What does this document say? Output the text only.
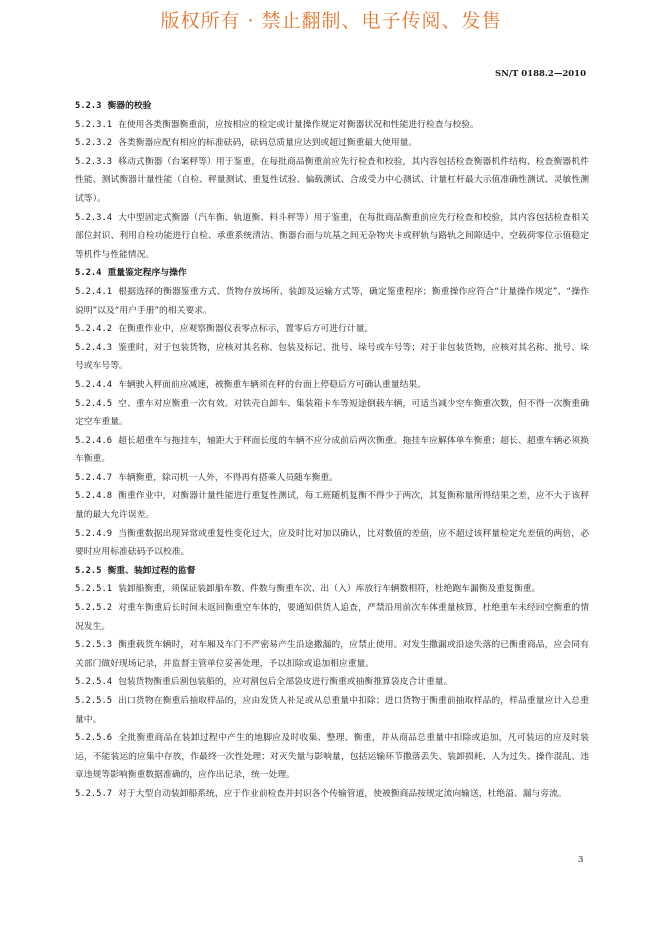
版权所有 · 禁止翻制、电子传阅、发售
SN/T 0188.2—2010
5.2.3 衡器的校验
5.2.3.1 在使用各类衡器衡重前，应按相应的检定或计量操作规定对衡器状况和性能进行检查与校验。
5.2.3.2 各类衡器应配有相应的标准砝码，砝码总质量应达到或超过衡重最大使用量。
5.2.3.3 移动式衡器（台案秤等）用于鉴重，在每批商品衡重前应先行检查和校验，其内容包括检查衡器机件结构、检查衡器机件性能、测试衡器计量性能（自检、秤量测试、重复性试验、偏载测试、合成受力中心测试、计量杠杆最大示值准确性测试、灵敏性测试等）。
5.2.3.4 大中型固定式衡器（汽车衡、轨道衡、料斗秤等）用于鉴重，在每批商品衡重前应先行检查和校验，其内容包括检查相关部位封识、利用自检功能进行自检、承重系统清洁、衡器台面与坑基之间无杂物夹卡或秤轨与路轨之间隙适中、空载荷零位示值稳定等机件与性能情况。
5.2.4 重量鉴定程序与操作
5.2.4.1 根据选择的衡器鉴重方式、货物存放场所、装卸及运输方式等，确定鉴重程序；衡重操作应符合“计量操作规定”、“操作说明”以及“用户手册”的相关要求。
5.2.4.2 在衡重作业中，应观察衡器仪表零点标示，置零后方可进行计量。
5.2.4.3 鉴重时，对于包装货物，应核对其名称、包装及标记、批号、垛号或车号等；对于非包装货物，应核对其名称、批号、垛号或车号等。
5.2.4.4 车辆驶入秤面前应减速，被衡重车辆须在秤的台面上停稳后方可确认重量结果。
5.2.4.5 空、重车对应衡重一次有效。对铁壳自卸车、集装箱卡车等短途倒载车辆，可适当减少空车衡重次数，但不得一次衡重确定空车重量。
5.2.4.6 超长超重车与拖挂车，轴距大于秤面长度的车辆不应分成前后两次衡重。拖挂车应解体单车衡重；超长、超重车辆必须换车衡重。
5.2.4.7 车辆衡重，除司机一人外，不得再有搭乘人员随车衡重。
5.2.4.8 衡重作业中，对衡器计量性能进行重复性测试，每工班随机复衡不得少于两次，其复衡称量所得结果之差，应不大于该秤量的最大允许误差。
5.2.4.9 当衡重数据出现异常或重复性变化过大，应及时比对加以确认，比对数值的差值，应不超过该秤量检定允差值的两倍，必要时应用标准砝码予以校准。
5.2.5 衡重、装卸过程的监督
5.2.5.1 装卸船衡重，须保证装卸船车数、件数与衡重车次、出（入）库放行车辆数相符，杜绝跑车漏衡及重复衡重。
5.2.5.2 对重车衡重后长时间未返回衡重空车体的，要通知供货人追查，严禁沿用前次车体重量核算，杜绝重车未经回空衡重的情况发生。
5.2.5.3 衡重载货车辆时，对车厢及车门不严密易产生沿途撒漏的，应禁止使用。对发生撒漏或沿途失落的已衡重商品，应会同有关部门做好现场记录，并监督主管单位妥善处理，予以扣除或追加相应重量。
5.2.5.4 包装货物衡重后割包装船的，应对割包后全部袋皮进行衡重或抽衡推算袋皮合计重量。
5.2.5.5 出口货物在衡重后抽取样品的，应由发货人补足或从总重量中扣除；进口货物于衡重前抽取样品的，样品重量应计入总重量中。
5.2.5.6 全批衡重商品在装卸过程中产生的地脚应及时收集、整理、衡重，并从商品总重量中扣除或追加，凡可装运的应及时装运，不能装运的应集中存放，作最终一次性处理；对灭失量与影响量，包括运输环节撒落丢失、装卸损耗、人为过失、操作混乱、违章违规等影响衡重数据准确的，应作出记录，统一处理。
5.2.5.7 对于大型自动装卸船系统，应于作业前检查并封识各个传输管道，使被衡商品按规定流向输送，杜绝溢、漏与旁流。
3
